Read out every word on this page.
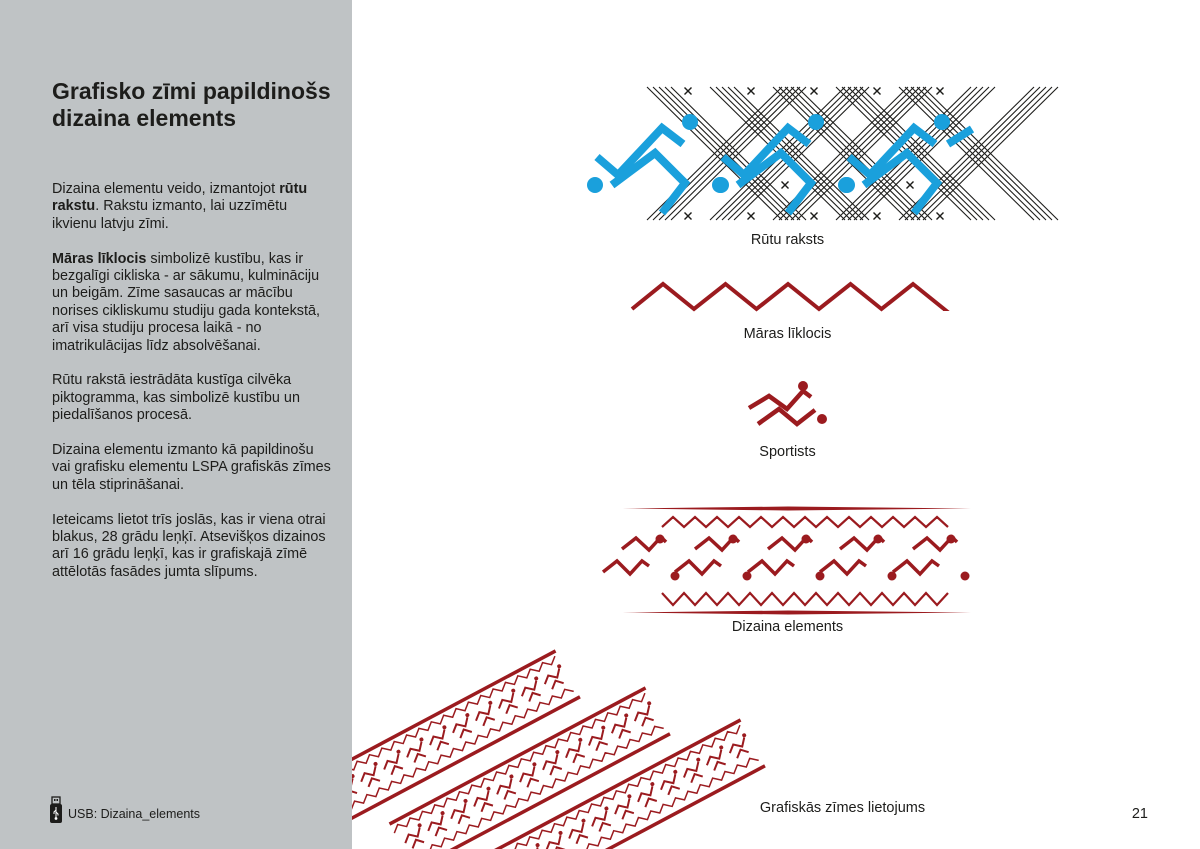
Grafisko zīmi papildinošs dizaina elements

Dizaina elementu veido, izmantojot rūtu rakstu. Rakstu izmanto, lai uzzīmētu ikvienu latvju zīmi.

Māras līklocis simbolizē kustību, kas ir bezgalīgi cikliska - ar sākumu, kulmināciju un beigām. Zīme sasaucas ar mācību norises cikliskumu studiju gada kontekstā, arī visa studiju procesa laikā - no imatrikulācijas līdz absolvēšanai.

Rūtu rakstā iestrādāta kustīga cilvēka piktogramma, kas simbolizē kustību un piedalīšanos procesā.

Dizaina elementu izmanto kā papildinošu vai grafisku elementu LSPA grafiskās zīmes un tēla stiprināšanai.

Ieteicams lietot trīs joslās, kas ir viena otrai blakus, 28 grādu leņķī. Atsevišķos dizainos arī 16 grādu leņķī, kas ir grafiskajā zīmē attēlotās fasādes jumta slīpums.

USB: Dizaina_elements
Rūtu raksts
Māras līklocis
Sportists
Dizaina elements
Grafiskās zīmes lietojums	21
